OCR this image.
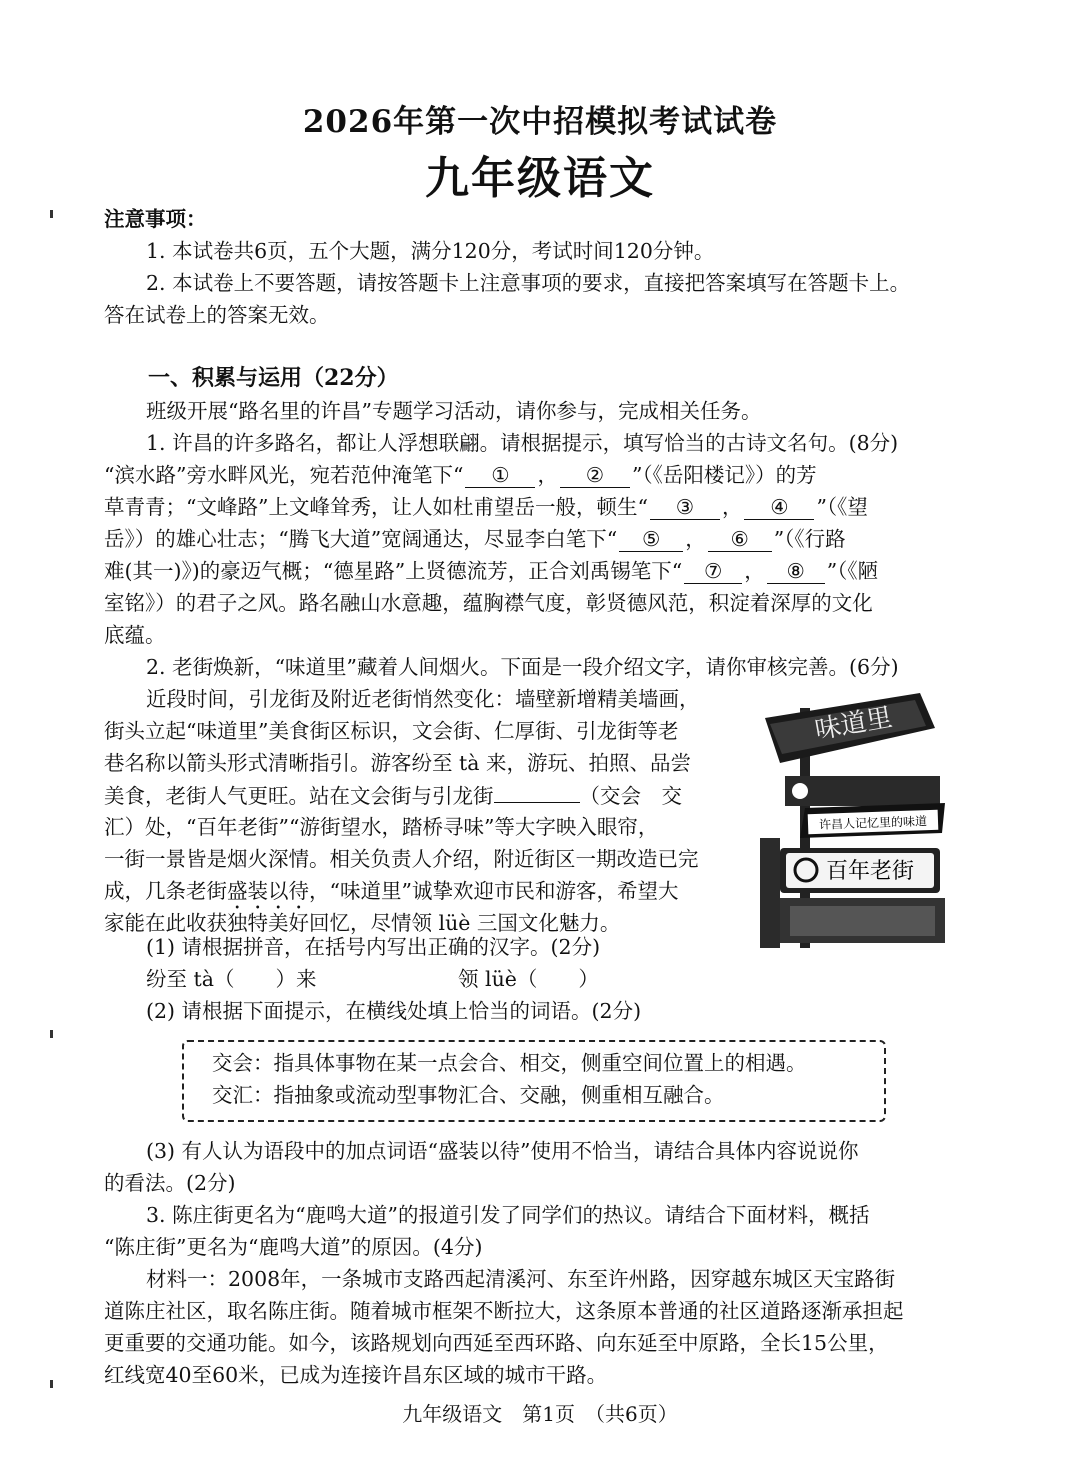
2026年第一次中招模拟考试试卷
九年级语文
注意事项：
1. 本试卷共6页，五个大题，满分120分，考试时间120分钟。
2. 本试卷上不要答题，请按答题卡上注意事项的要求，直接把答案填写在答题卡上。
答在试卷上的答案无效。
一、积累与运用（22分）
班级开展“路名里的许昌”专题学习活动，请你参与，完成相关任务。
1. 许昌的许多路名，都让人浮想联翩。请根据提示，填写恰当的古诗文名句。(8分)
“滨水路”旁水畔风光，宛若范仲淹笔下“ ① ， ② ”（《岳阳楼记》）的芳
草青青；“文峰路”上文峰耸秀，让人如杜甫望岳一般，顿生“ ③ ， ④ ”（《望
岳》）的雄心壮志；“腾飞大道”宽阔通达，尽显李白笔下“ ⑤ ， ⑥ ”（《行路
难(其一)》)的豪迈气概；“德星路”上贤德流芳，正合刘禹锡笔下“ ⑦ ， ⑧ ”（《陋
室铭》）的君子之风。路名融山水意趣，蕴胸襟气度，彰贤德风范，积淀着深厚的文化
底蕴。
2. 老街焕新，“味道里”藏着人间烟火。下面是一段介绍文字，请你审核完善。(6分)
近段时间，引龙街及附近老街悄然变化：墙壁新增精美墙画，
街头立起“味道里”美食街区标识，文会街、仁厚街、引龙街等老
巷名称以箭头形式清晰指引。游客纷至 tà 来，游玩、拍照、品尝
美食，老街人气更旺。站在文会街与引龙街	（交会　交
汇）处，“百年老街”“游街望水，踏桥寻味”等大字映入眼帘，
一街一景皆是烟火深情。相关负责人介绍，附近街区一期改造已完
成，几条老街盛装以待，“味道里”诚挚欢迎市民和游客，希望大
家能在此收获独特美好回忆，尽情领 lüè 三国文化魅力。
味道里
许昌人记忆里的味道
百年老街
(1) 请根据拼音，在括号内写出正确的汉字。(2分)
纷至 tà（　　）来	领 lüè（　　）
(2) 请根据下面提示，在横线处填上恰当的词语。(2分)
交会：指具体事物在某一点会合、相交，侧重空间位置上的相遇。
交汇：指抽象或流动型事物汇合、交融，侧重相互融合。
(3) 有人认为语段中的加点词语“盛装以待”使用不恰当，请结合具体内容说说你
的看法。(2分)
3. 陈庄街更名为“鹿鸣大道”的报道引发了同学们的热议。请结合下面材料，概括
“陈庄街”更名为“鹿鸣大道”的原因。(4分)
材料一：2008年，一条城市支路西起清溪河、东至许州路，因穿越东城区天宝路街
道陈庄社区，取名陈庄街。随着城市框架不断拉大，这条原本普通的社区道路逐渐承担起
更重要的交通功能。如今，该路规划向西延至西环路、向东延至中原路，全长15公里，
红线宽40至60米，已成为连接许昌东区域的城市干路。
九年级语文　第1页　（共6页）
